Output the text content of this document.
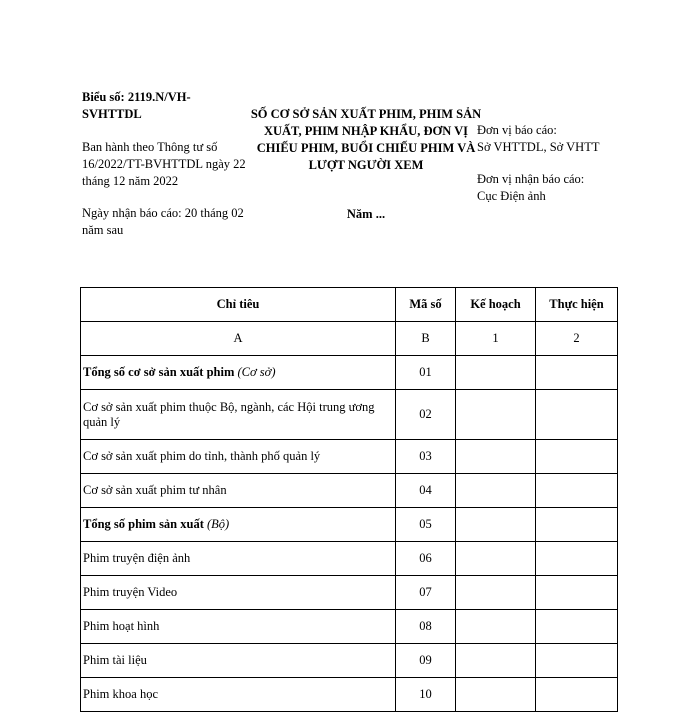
Biểu số: 2119.N/VH-SVHTTDL
Ban hành theo Thông tư số 16/2022/TT-BVHTTDL ngày 22 tháng 12 năm 2022
Ngày nhận báo cáo: 20 tháng 02 năm sau
SỐ CƠ SỞ SẢN XUẤT PHIM, PHIM SẢN XUẤT, PHIM NHẬP KHẨU, ĐƠN VỊ CHIẾU PHIM, BUỔI CHIẾU PHIM VÀ LƯỢT NGƯỜI XEM
Năm ...
Đơn vị báo cáo:
Sở VHTTDL, Sở VHTT
Đơn vị nhận báo cáo:
Cục Điện ảnh
Chỉ tiêu	Mã số	Kế hoạch	Thực hiện
A	B	1	2
Tổng số cơ sở sản xuất phim (Cơ sở)	01		
Cơ sở sản xuất phim thuộc Bộ, ngành, các Hội trung ương quản lý	02		
Cơ sở sản xuất phim do tỉnh, thành phố quản lý	03		
Cơ sở sản xuất phim tư nhân	04		
Tổng số phim sản xuất (Bộ)	05		
Phim truyện điện ảnh	06		
Phim truyện Video	07		
Phim hoạt hình	08		
Phim tài liệu	09		
Phim khoa học	10		
